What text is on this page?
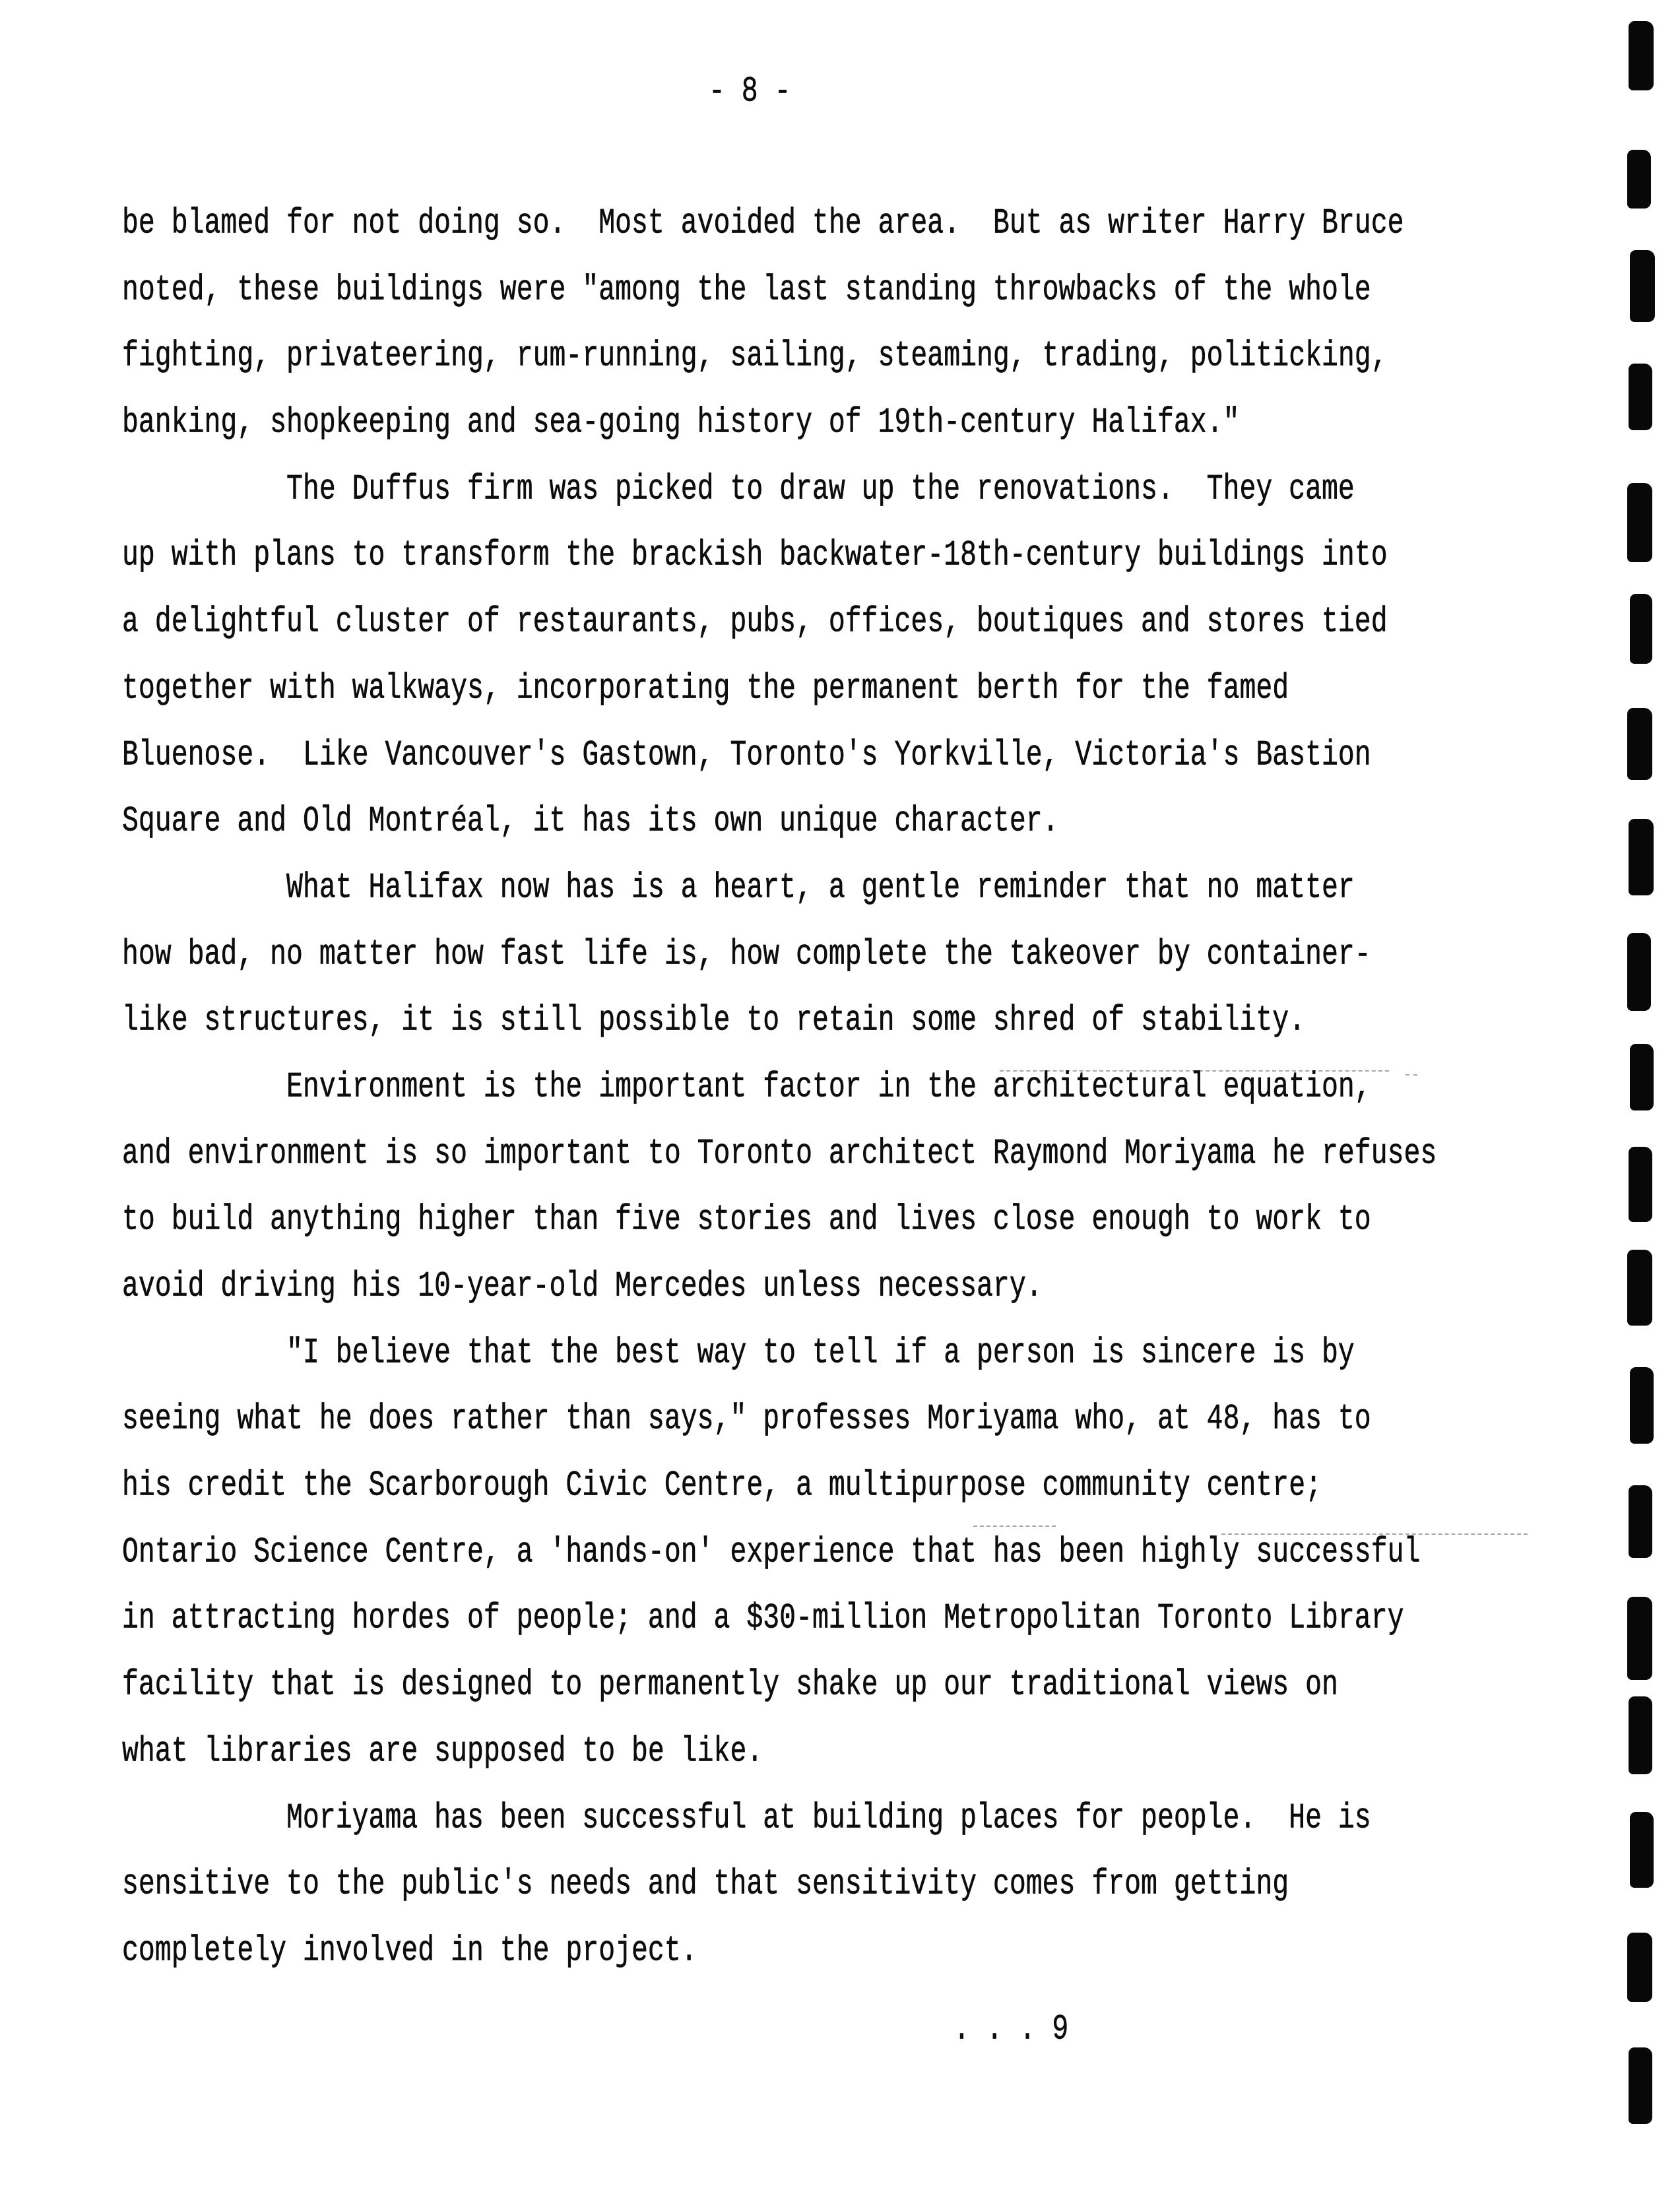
- 8 -
be blamed for not doing so.  Most avoided the area.  But as writer Harry Bruce
noted, these buildings were "among the last standing throwbacks of the whole
fighting, privateering, rum-running, sailing, steaming, trading, politicking,
banking, shopkeeping and sea-going history of 19th-century Halifax."
The Duffus firm was picked to draw up the renovations.  They came
up with plans to transform the brackish backwater-18th-century buildings into
a delightful cluster of restaurants, pubs, offices, boutiques and stores tied
together with walkways, incorporating the permanent berth for the famed
Bluenose.  Like Vancouver's Gastown, Toronto's Yorkville, Victoria's Bastion
Square and Old Montréal, it has its own unique character.
What Halifax now has is a heart, a gentle reminder that no matter
how bad, no matter how fast life is, how complete the takeover by container-
like structures, it is still possible to retain some shred of stability.
Environment is the important factor in the architectural equation,
and environment is so important to Toronto architect Raymond Moriyama he refuses
to build anything higher than five stories and lives close enough to work to
avoid driving his 10-year-old Mercedes unless necessary.
"I believe that the best way to tell if a person is sincere is by
seeing what he does rather than says," professes Moriyama who, at 48, has to
his credit the Scarborough Civic Centre, a multipurpose community centre;
Ontario Science Centre, a 'hands-on' experience that has been highly successful
in attracting hordes of people; and a $30-million Metropolitan Toronto Library
facility that is designed to permanently shake up our traditional views on
what libraries are supposed to be like.
Moriyama has been successful at building places for people.  He is
sensitive to the public's needs and that sensitivity comes from getting
completely involved in the project.
. . . 9
